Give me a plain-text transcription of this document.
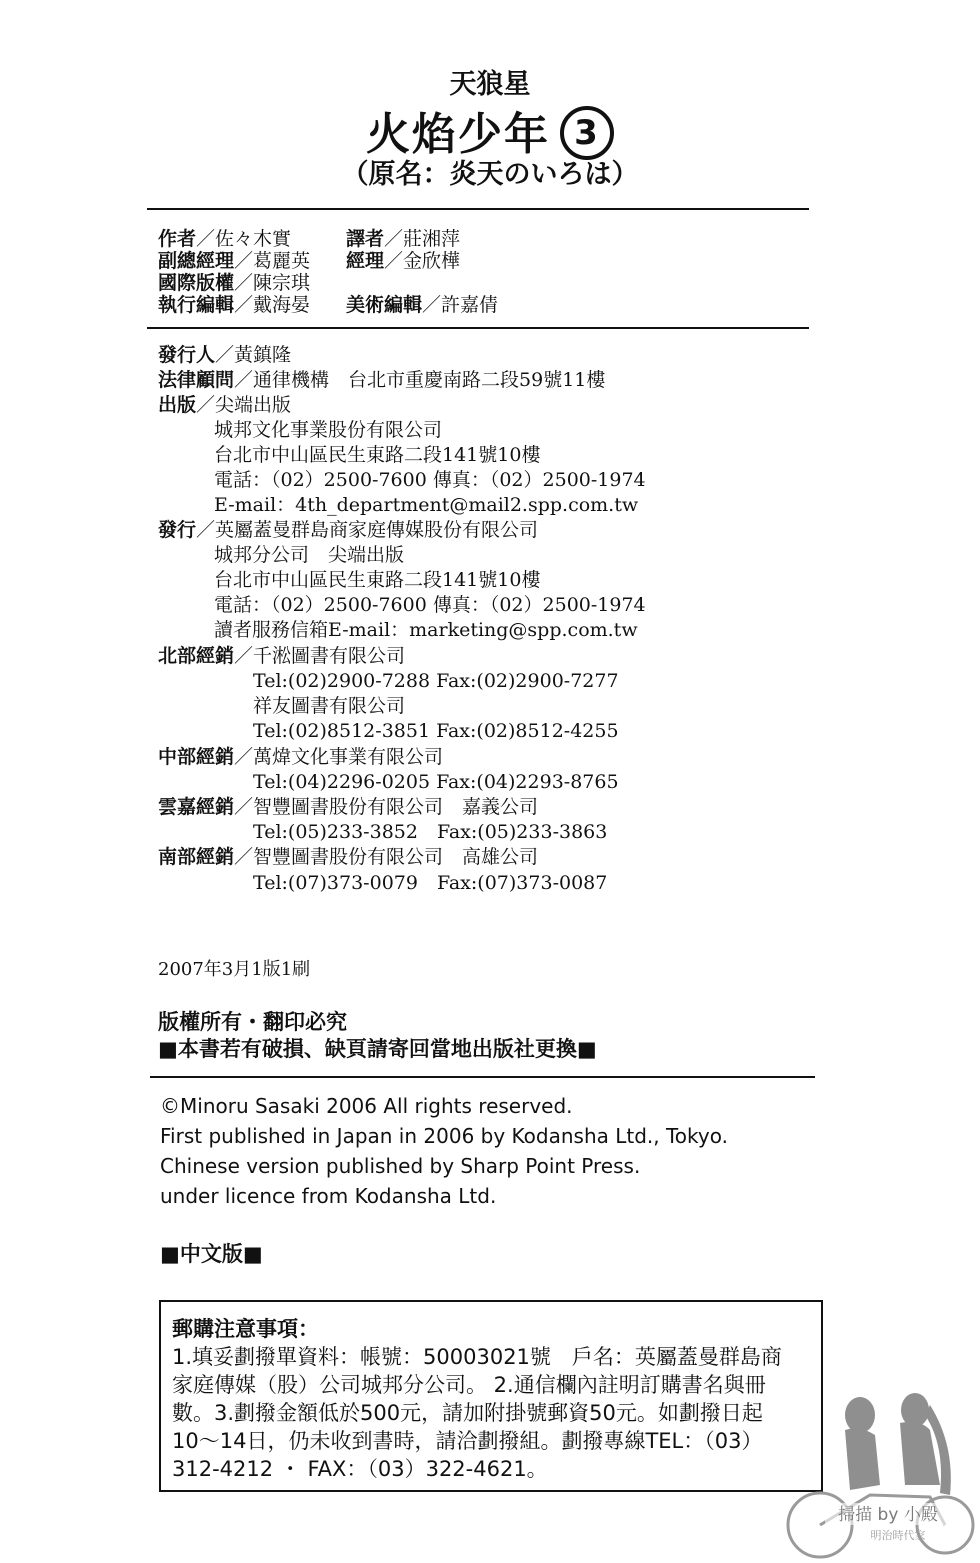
天狼星
火焰少年 3
（原名：炎天のいろは）
作者／佐々木實	譯者／莊湘萍
副總經理／葛麗英 經理／金欣樺
國際版權／陳宗琪
執行編輯／戴海晏 美術編輯／許嘉倩
發行人／黃鎮隆
法律顧問／通律機構　台北市重慶南路二段59號11樓
出版／尖端出版
城邦文化事業股份有限公司
台北市中山區民生東路二段141號10樓
電話：（02）2500-7600 傳真：（02）2500-1974
E-mail：4th_department@mail2.spp.com.tw
發行／英屬蓋曼群島商家庭傳媒股份有限公司
城邦分公司　尖端出版
台北市中山區民生東路二段141號10樓
電話：（02）2500-7600 傳真：（02）2500-1974
讀者服務信箱E-mail：marketing@spp.com.tw
北部經銷／千淞圖書有限公司
Tel:(02)2900-7288 Fax:(02)2900-7277
祥友圖書有限公司
Tel:(02)8512-3851 Fax:(02)8512-4255
中部經銷／萬煒文化事業有限公司
Tel:(04)2296-0205 Fax:(04)2293-8765
雲嘉經銷／智豐圖書股份有限公司　嘉義公司
Tel:(05)233-3852　Fax:(05)233-3863
南部經銷／智豐圖書股份有限公司　高雄公司
Tel:(07)373-0079　Fax:(07)373-0087
2007年3月1版1刷
版權所有・翻印必究
■本書若有破損、缺頁請寄回當地出版社更換■
©Minoru Sasaki 2006 All rights reserved.
First published in Japan in 2006 by Kodansha Ltd., Tokyo.
Chinese version published by Sharp Point Press.
under licence from Kodansha Ltd.
■中文版■
郵購注意事項：
1.填妥劃撥單資料：帳號：50003021號　戶名：英屬蓋曼群島商
家庭傳媒（股）公司城邦分公司。 2.通信欄內註明訂購書名與冊
數。3.劃撥金額低於500元，請加附掛號郵資50元。如劃撥日起
10～14日，仍未收到書時，請洽劃撥組。劃撥專線TEL：（03）
312-4212 ・ FAX：（03）322-4621。
掃描 by 小殿
明治時代家
